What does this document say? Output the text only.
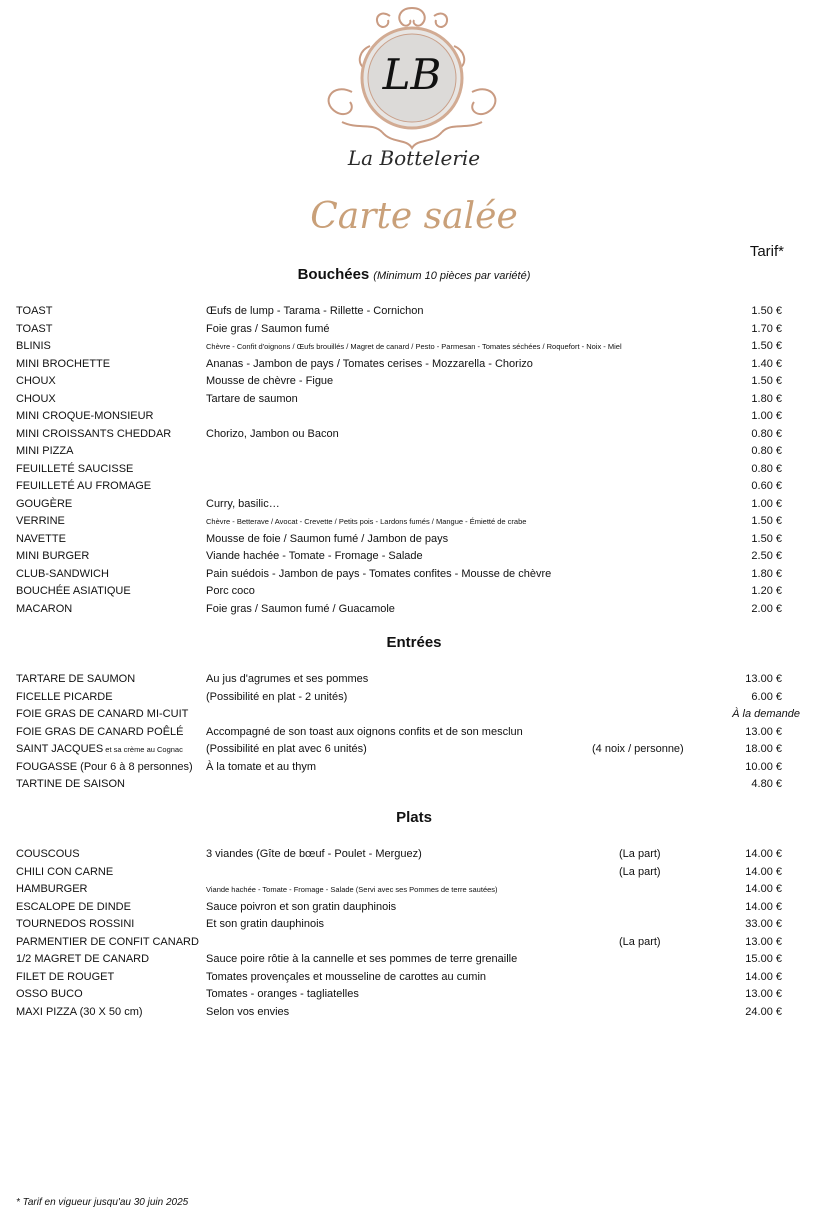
LB
La Bottelerie
Carte salée
Tarif*
Bouchées (Minimum 10 pièces par variété)
TOAST	Œufs de lump - Tarama - Rillette - Cornichon	1.50 €
TOAST	Foie gras / Saumon fumé	1.70 €
BLINIS	Chèvre - Confit d'oignons / Œufs brouillés / Magret de canard / Pesto - Parmesan - Tomates séchées / Roquefort - Noix - Miel	1.50 €
MINI BROCHETTE	Ananas - Jambon de pays / Tomates cerises - Mozzarella - Chorizo	1.40 €
CHOUX	Mousse de chèvre - Figue	1.50 €
CHOUX	Tartare de saumon	1.80 €
MINI CROQUE-MONSIEUR	1.00 €
MINI CROISSANTS CHEDDAR	Chorizo, Jambon ou Bacon	0.80 €
MINI PIZZA	0.80 €
FEUILLETÉ SAUCISSE	0.80 €
FEUILLETÉ AU FROMAGE	0.60 €
GOUGÈRE	Curry, basilic…	1.00 €
VERRINE	Chèvre - Betterave / Avocat - Crevette / Petits pois - Lardons fumés / Mangue - Émietté de crabe	1.50 €
NAVETTE	Mousse de foie / Saumon fumé / Jambon de pays	1.50 €
MINI BURGER	Viande hachée - Tomate - Fromage - Salade	2.50 €
CLUB-SANDWICH	Pain suédois - Jambon de pays - Tomates confites - Mousse de chèvre	1.80 €
BOUCHÉE ASIATIQUE	Porc coco	1.20 €
MACARON	Foie gras / Saumon fumé / Guacamole	2.00 €
Entrées
TARTARE DE SAUMON	Au jus d'agrumes et ses pommes	13.00 €
FICELLE PICARDE	(Possibilité en plat - 2 unités)	6.00 €
FOIE GRAS DE CANARD MI-CUIT	À la demande
FOIE GRAS DE CANARD POÊLÉ Accompagné de son toast aux oignons confits et de son mesclun	13.00 €
SAINT JACQUES et sa crème au Cognac (Possibilité en plat avec 6 unités)	(4 noix / personne)	18.00 €
FOUGASSE (Pour 6 à 8 personnes) À la tomate et au thym	10.00 €
TARTINE DE SAISON	4.80 €
Plats
COUSCOUS	3 viandes (Gîte de bœuf - Poulet - Merguez)	(La part)	14.00 €
CHILI CON CARNE	(La part)	14.00 €
HAMBURGER	Viande hachée - Tomate - Fromage - Salade (Servi avec ses Pommes de terre sautées)	14.00 €
ESCALOPE DE DINDE	Sauce poivron et son gratin dauphinois	14.00 €
TOURNEDOS ROSSINI	Et son gratin dauphinois	33.00 €
PARMENTIER DE CONFIT CANARD	(La part)	13.00 €
1/2 MAGRET DE CANARD	Sauce poire rôtie à la cannelle et ses pommes de terre grenaille	15.00 €
FILET DE ROUGET	Tomates provençales et mousseline de carottes au cumin	14.00 €
OSSO BUCO	Tomates - oranges - tagliatelles	13.00 €
MAXI PIZZA (30 X 50 cm)	Selon vos envies	24.00 €
* Tarif en vigueur jusqu'au 30 juin 2025
